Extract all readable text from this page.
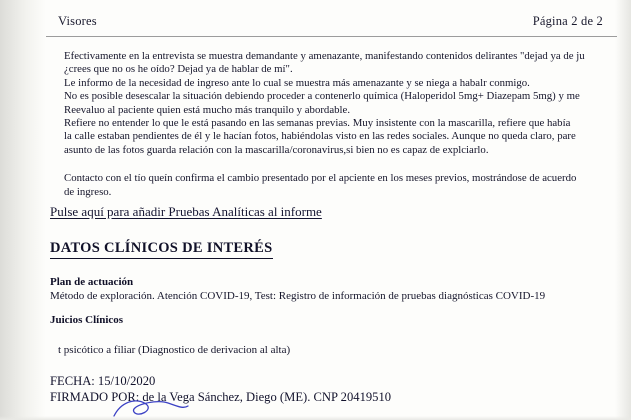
Visores	Página 2 de 2

Efectivamente en la entrevista se muestra demandante y amenazante, manifestando contenidos delirantes "dejad ya de ju

¿crees que no os he oído? Dejad ya de hablar de mí".

Le informo de la necesidad de ingreso ante lo cual se muestra más amenazante y se niega a habalr conmigo.

No es posible desescalar la situación debiendo proceder a contenerlo química (Haloperidol 5mg+ Diazepam 5mg) y me

Reevaluo al paciente quien está mucho más tranquilo y abordable.

Refiere no entender lo que le está pasando en las semanas previas. Muy insistente con la mascarilla, refiere que había

la calle estaban pendientes de él y le hacían fotos, habiéndolas visto en las redes sociales. Aunque no queda claro, pare

asunto de las fotos guarda relación con la mascarilla/coronavirus,si bien no es capaz de explciarlo.

Contacto con el tío queín confirma el cambio presentado por el apciente en los meses previos, mostrándose de acuerdo

de ingreso.

Pulse aquí para añadir Pruebas Analíticas al informe
DATOS CLÍNICOS DE INTERÉS
Plan de actuación
Método de exploración. Atención COVID-19, Test: Registro de información de pruebas diagnósticas COVID-19
Juicios Clínicos
t psicótico a filiar (Diagnostico de derivacion al alta)
FECHA: 15/10/2020
FIRMADO POR: de la Vega Sánchez, Diego (ME). CNP 20419510
